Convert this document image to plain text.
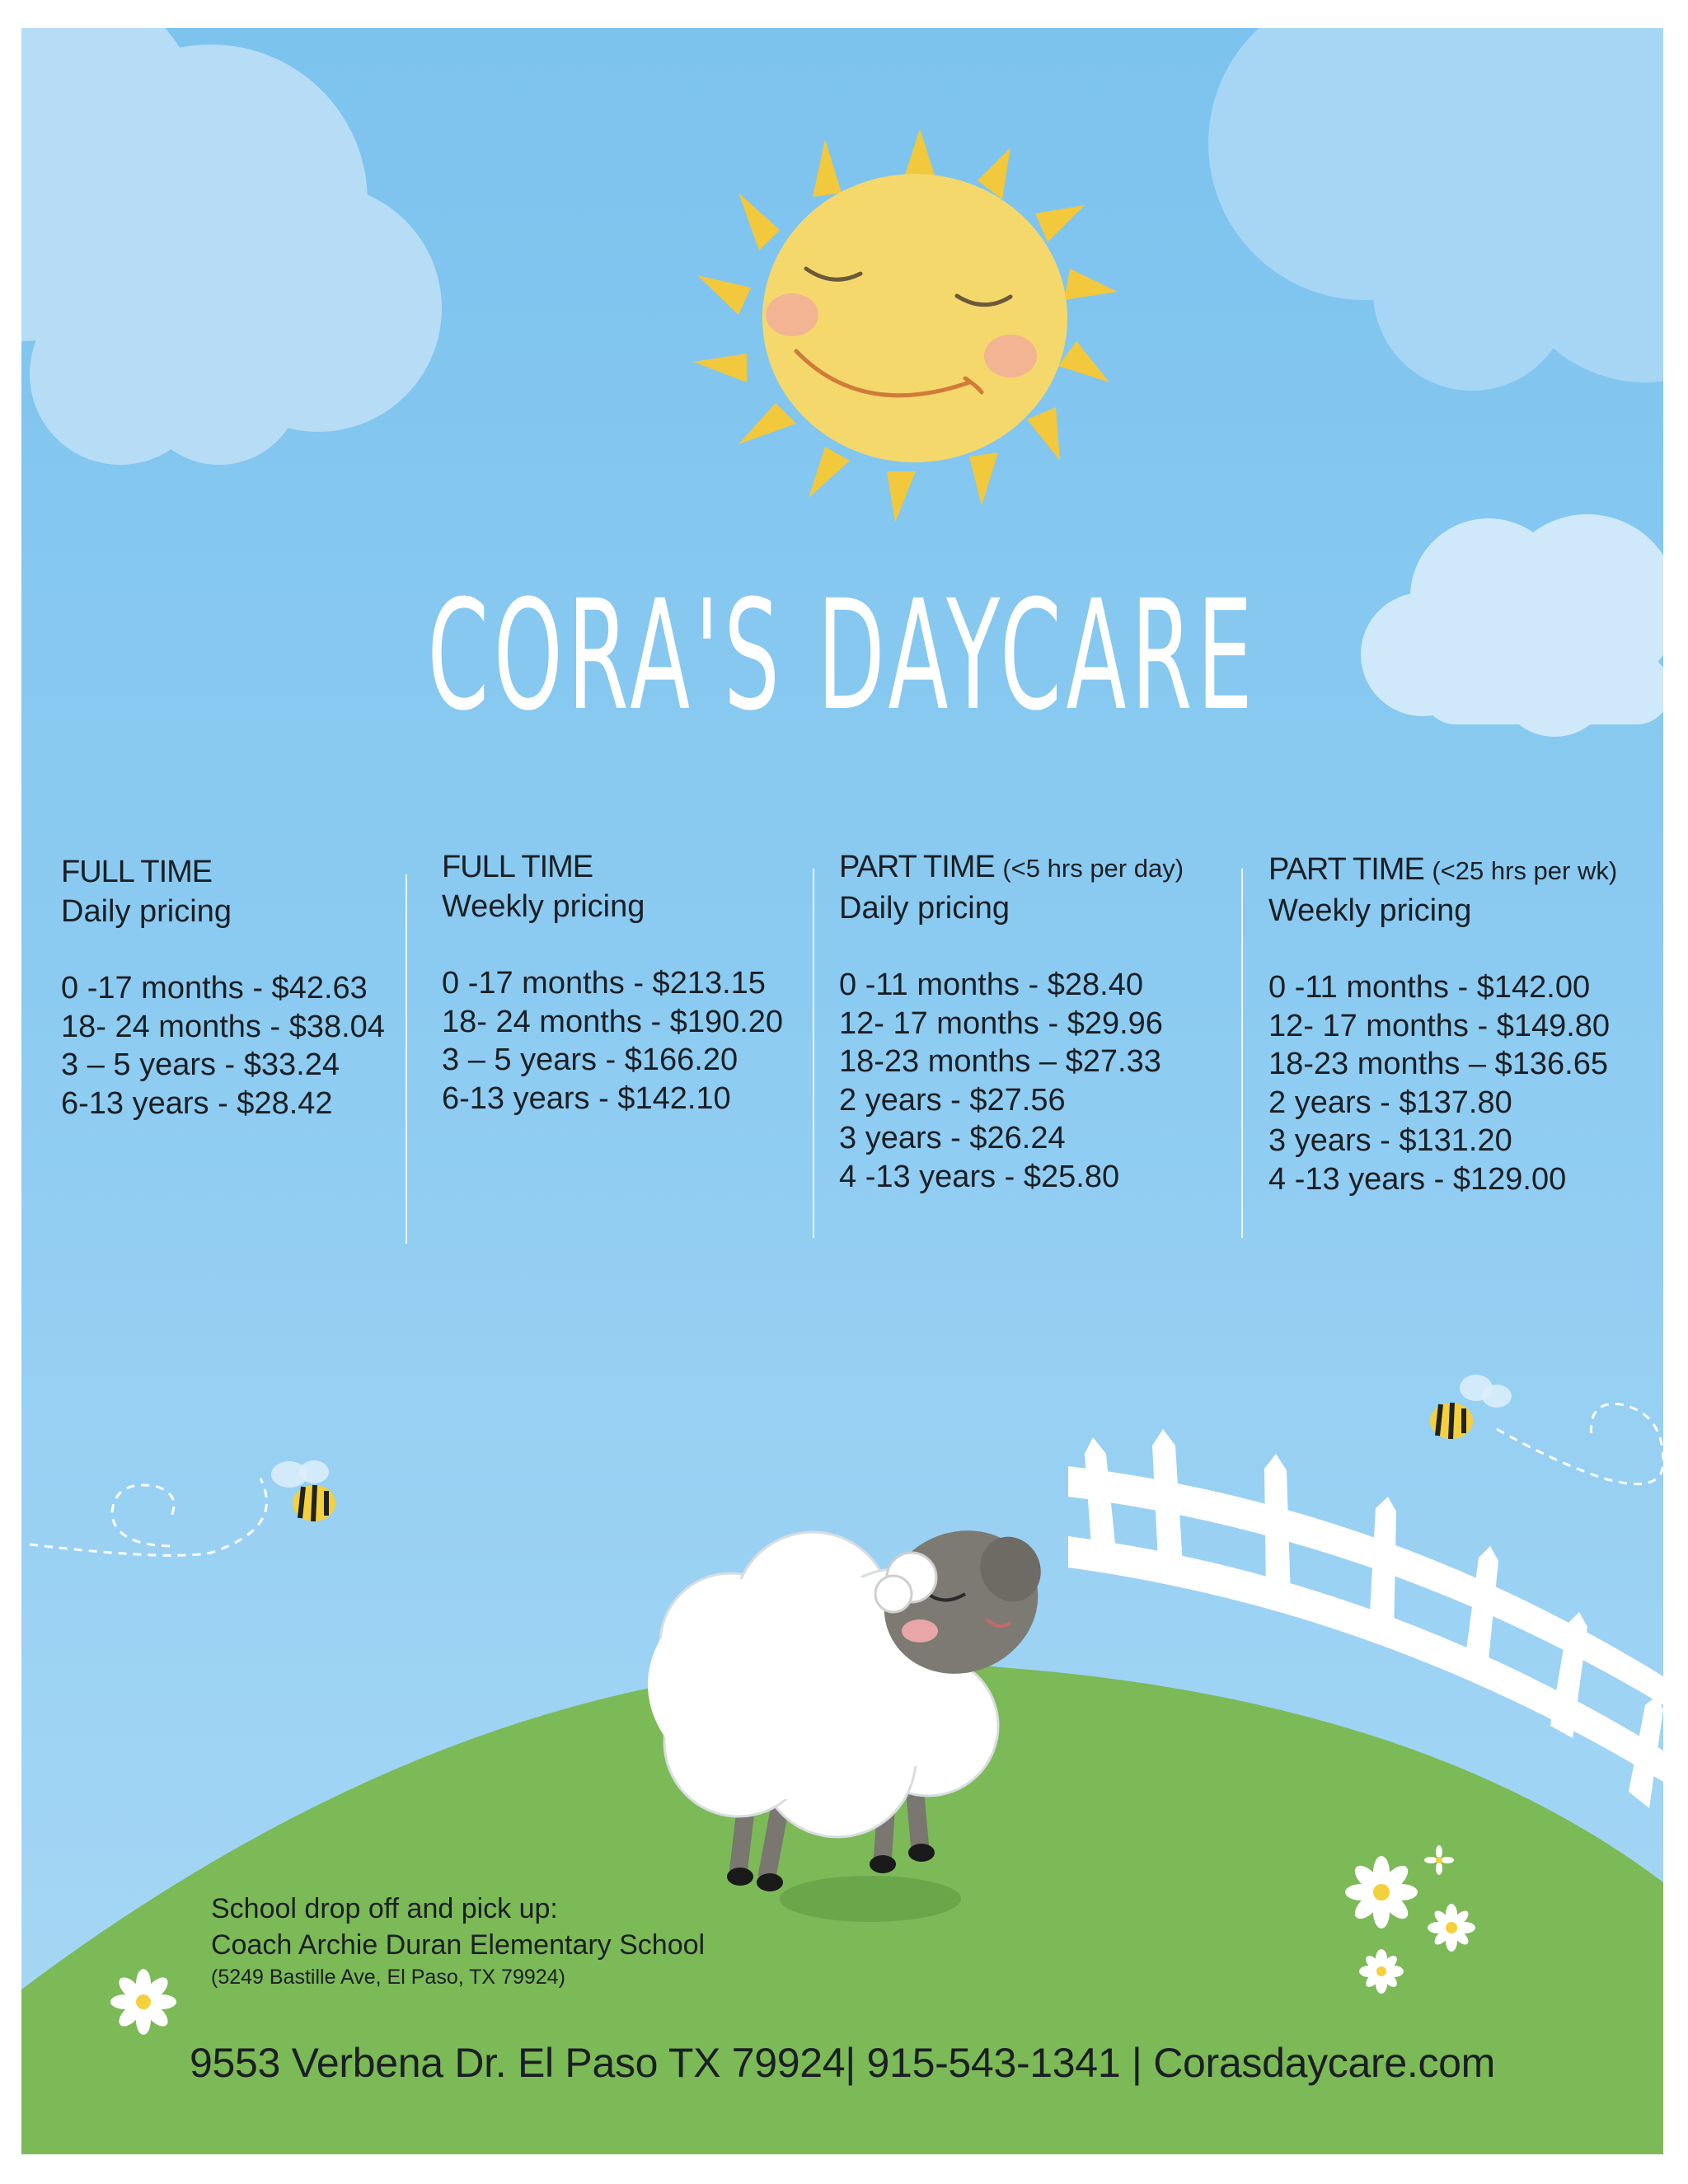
CORA'S DAYCARE
FULL TIME
Daily pricing
0 -17 months - $42.63
18- 24 months - $38.04
3 – 5 years - $33.24
6-13 years - $28.42
FULL TIME
Weekly pricing
0 -17 months - $213.15
18- 24 months - $190.20
3 – 5 years - $166.20
6-13 years - $142.10
PART TIME (<5 hrs per day)
Daily pricing
0 -11 months - $28.40
12- 17 months - $29.96
18-23 months – $27.33
2 years - $27.56
3 years - $26.24
4 -13 years - $25.80
PART TIME (<25 hrs per wk)
Weekly pricing
0 -11 months - $142.00
12- 17 months - $149.80
18-23 months – $136.65
2 years - $137.80
3 years - $131.20
4 -13 years - $129.00
School drop off and pick up:
Coach Archie Duran Elementary School
(5249 Bastille Ave, El Paso, TX 79924)
9553 Verbena Dr. El Paso TX 79924| 915-543-1341 | Corasdaycare.com
